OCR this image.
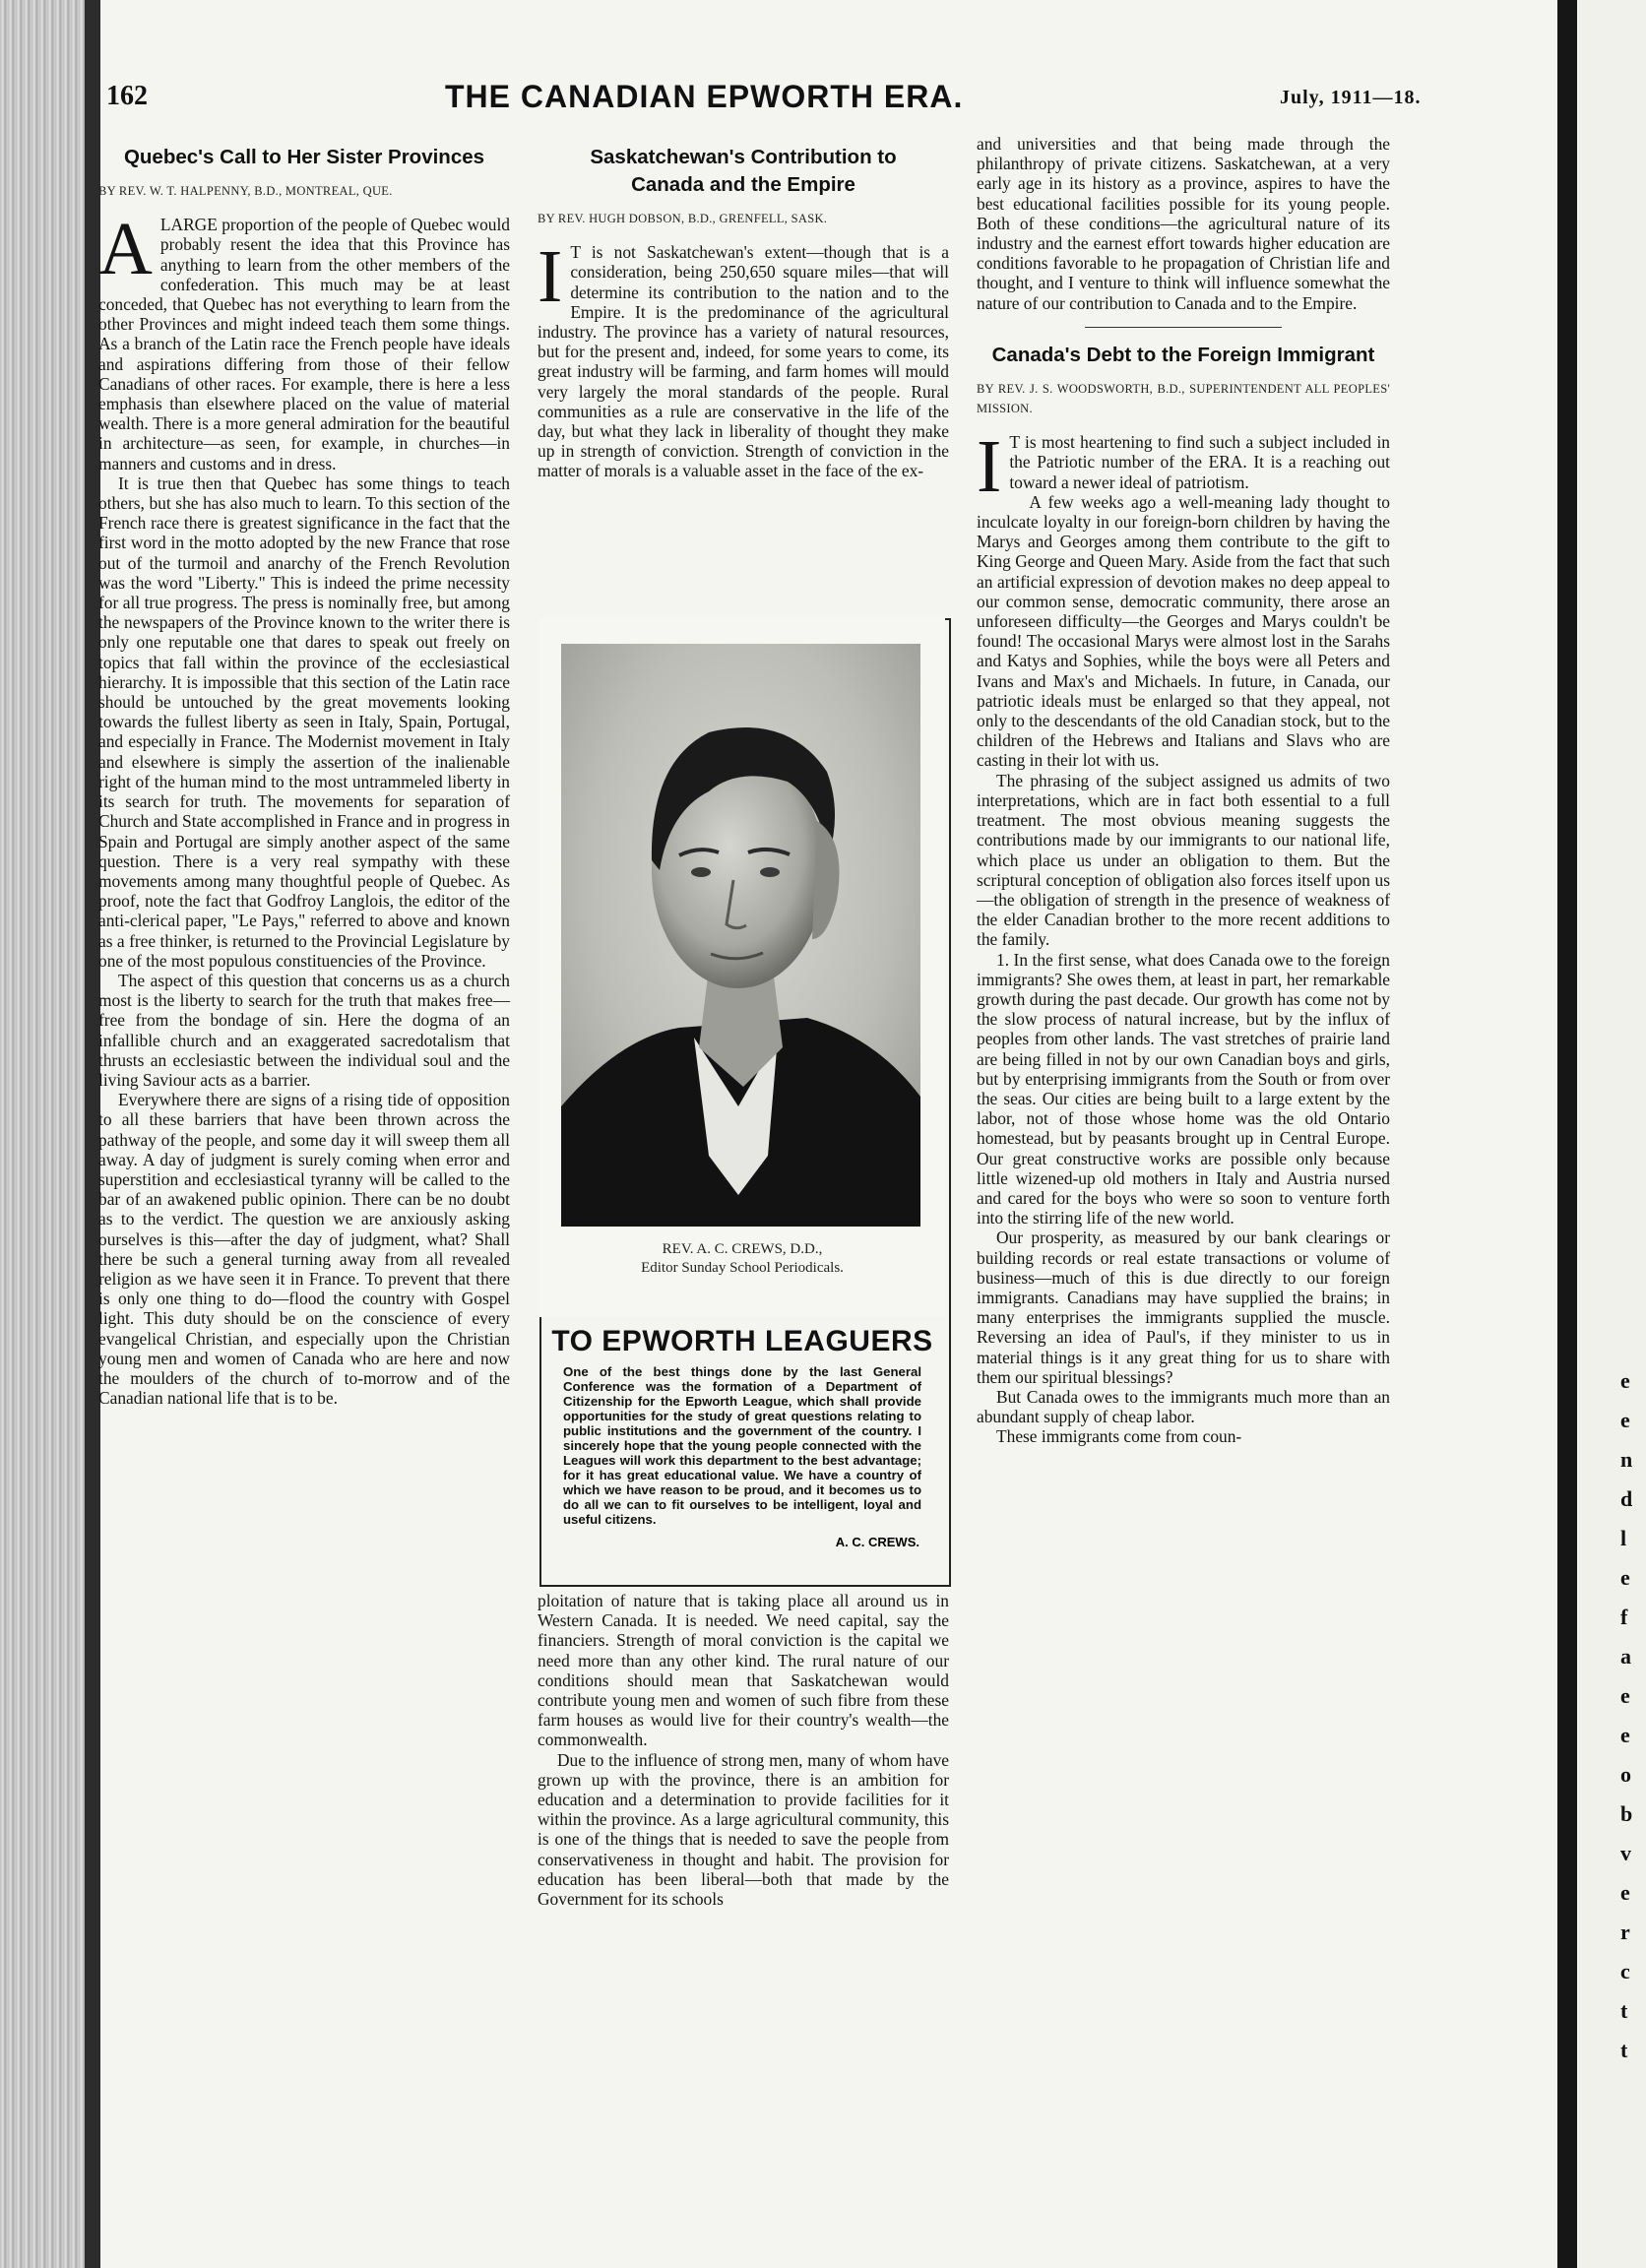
e
e
n
d
l
e
f
a
e
e
o
b
v
e
r
c
t
t
162	THE CANADIAN EPWORTH ERA.	July, 1911—18.
Quebec's Call to Her Sister Provinces
BY REV. W. T. HALPENNY, B.D., MONTREAL, QUE.

ALARGE proportion of the people of Quebec would probably resent the idea that this Province has anything to learn from the other members of the confederation. This much may be at least conceded, that Quebec has not everything to learn from the other Provinces and might indeed teach them some things. As a branch of the Latin race the French people have ideals and aspirations differing from those of their fellow Canadians of other races. For example, there is here a less emphasis than elsewhere placed on the value of material wealth. There is a more general admiration for the beautiful in architecture—as seen, for example, in churches—in manners and customs and in dress.

It is true then that Quebec has some things to teach others, but she has also much to learn. To this section of the French race there is greatest significance in the fact that the first word in the motto adopted by the new France that rose out of the turmoil and anarchy of the French Revolution was the word "Liberty." This is indeed the prime necessity for all true progress. The press is nominally free, but among the newspapers of the Province known to the writer there is only one reputable one that dares to speak out freely on topics that fall within the province of the ecclesiastical hierarchy. It is impossible that this section of the Latin race should be untouched by the great movements looking towards the fullest liberty as seen in Italy, Spain, Portugal, and especially in France. The Modernist movement in Italy and elsewhere is simply the assertion of the inalienable right of the human mind to the most untrammeled liberty in its search for truth. The movements for separation of Church and State accomplished in France and in progress in Spain and Portugal are simply another aspect of the same question. There is a very real sympathy with these movements among many thoughtful people of Quebec. As proof, note the fact that Godfroy Langlois, the editor of the anti-clerical paper, "Le Pays," referred to above and known as a free thinker, is returned to the Provincial Legislature by one of the most populous constituencies of the Province.

The aspect of this question that concerns us as a church most is the liberty to search for the truth that makes free—free from the bondage of sin. Here the dogma of an infallible church and an exaggerated sacredotalism that thrusts an ecclesiastic between the individual soul and the living Saviour acts as a barrier.

Everywhere there are signs of a rising tide of opposition to all these barriers that have been thrown across the pathway of the people, and some day it will sweep them all away. A day of judgment is surely coming when error and superstition and ecclesiastical tyranny will be called to the bar of an awakened public opinion. There can be no doubt as to the verdict. The question we are anxiously asking ourselves is this—after the day of judgment, what? Shall there be such a general turning away from all revealed religion as we have seen it in France. To prevent that there is only one thing to do—flood the country with Gospel light. This duty should be on the conscience of every evangelical Christian, and especially upon the Christian young men and women of Canada who are here and now the moulders of the church of to-morrow and of the Canadian national life that is to be.

Saskatchewan's Contribution to Canada and the Empire
BY REV. HUGH DOBSON, B.D., GRENFELL, SASK.

I T is not Saskatchewan's extent—though that is a consideration, being 250,650 square miles—that will determine its contribution to the nation and to the Empire. It is the predominance of the agricultural industry. The province has a variety of natural resources, but for the present and, indeed, for some years to come, its great industry will be farming, and farm homes will mould very largely the moral standards of the people. Rural communities as a rule are conservative in the life of the day, but what they lack in liberality of thought they make up in strength of conviction. Strength of conviction in the matter of morals is a valuable asset in the face of the ex-

REV. A. C. CREWS, D.D.,
Editor Sunday School Periodicals.
TO EPWORTH LEAGUERS
One of the best things done by the last General Conference was the formation of a Department of Citizenship for the Epworth League, which shall provide opportunities for the study of great questions relating to public institutions and the government of the country. I sincerely hope that the young people connected with the Leagues will work this department to the best advantage; for it has great educational value. We have a country of which we have reason to be proud, and it becomes us to do all we can to fit ourselves to be intelligent, loyal and useful citizens.
A. C. CREWS.

ploitation of nature that is taking place all around us in Western Canada. It is needed. We need capital, say the financiers. Strength of moral conviction is the capital we need more than any other kind. The rural nature of our conditions should mean that Saskatchewan would contribute young men and women of such fibre from these farm houses as would live for their country's wealth—the commonwealth.

Due to the influence of strong men, many of whom have grown up with the province, there is an ambition for education and a determination to provide facilities for it within the province. As a large agricultural community, this is one of the things that is needed to save the people from conservativeness in thought and habit. The provision for education has been liberal—both that made by the Government for its schools

and universities and that being made through the philanthropy of private citizens. Saskatchewan, at a very early age in its history as a province, aspires to have the best educational facilities possible for its young people. Both of these conditions—the agricultural nature of its industry and the earnest effort towards higher education are conditions favorable to he propagation of Christian life and thought, and I venture to think will influence somewhat the nature of our contribution to Canada and to the Empire.

Canada's Debt to the Foreign Immigrant
BY REV. J. S. WOODSWORTH, B.D., SUPERINTENDENT ALL PEOPLES' MISSION.

I T is most heartening to find such a subject included in the Patriotic number of the ERA. It is a reaching out toward a newer ideal of patriotism.

A few weeks ago a well-meaning lady thought to inculcate loyalty in our foreign-born children by having the Marys and Georges among them contribute to the gift to King George and Queen Mary. Aside from the fact that such an artificial expression of devotion makes no deep appeal to our common sense, democratic community, there arose an unforeseen difficulty—the Georges and Marys couldn't be found! The occasional Marys were almost lost in the Sarahs and Katys and Sophies, while the boys were all Peters and Ivans and Max's and Michaels. In future, in Canada, our patriotic ideals must be enlarged so that they appeal, not only to the descendants of the old Canadian stock, but to the children of the Hebrews and Italians and Slavs who are casting in their lot with us.

The phrasing of the subject assigned us admits of two interpretations, which are in fact both essential to a full treatment. The most obvious meaning suggests the contributions made by our immigrants to our national life, which place us under an obligation to them. But the scriptural conception of obligation also forces itself upon us—the obligation of strength in the presence of weakness of the elder Canadian brother to the more recent additions to the family.

1. In the first sense, what does Canada owe to the foreign immigrants? She owes them, at least in part, her remarkable growth during the past decade. Our growth has come not by the slow process of natural increase, but by the influx of peoples from other lands. The vast stretches of prairie land are being filled in not by our own Canadian boys and girls, but by enterprising immigrants from the South or from over the seas. Our cities are being built to a large extent by the labor, not of those whose home was the old Ontario homestead, but by peasants brought up in Central Europe. Our great constructive works are possible only because little wizened-up old mothers in Italy and Austria nursed and cared for the boys who were so soon to venture forth into the stirring life of the new world.

Our prosperity, as measured by our bank clearings or building records or real estate transactions or volume of business—much of this is due directly to our foreign immigrants. Canadians may have supplied the brains; in many enterprises the immigrants supplied the muscle. Reversing an idea of Paul's, if they minister to us in material things is it any great thing for us to share with them our spiritual blessings?

But Canada owes to the immigrants much more than an abundant supply of cheap labor.

These immigrants come from coun-
